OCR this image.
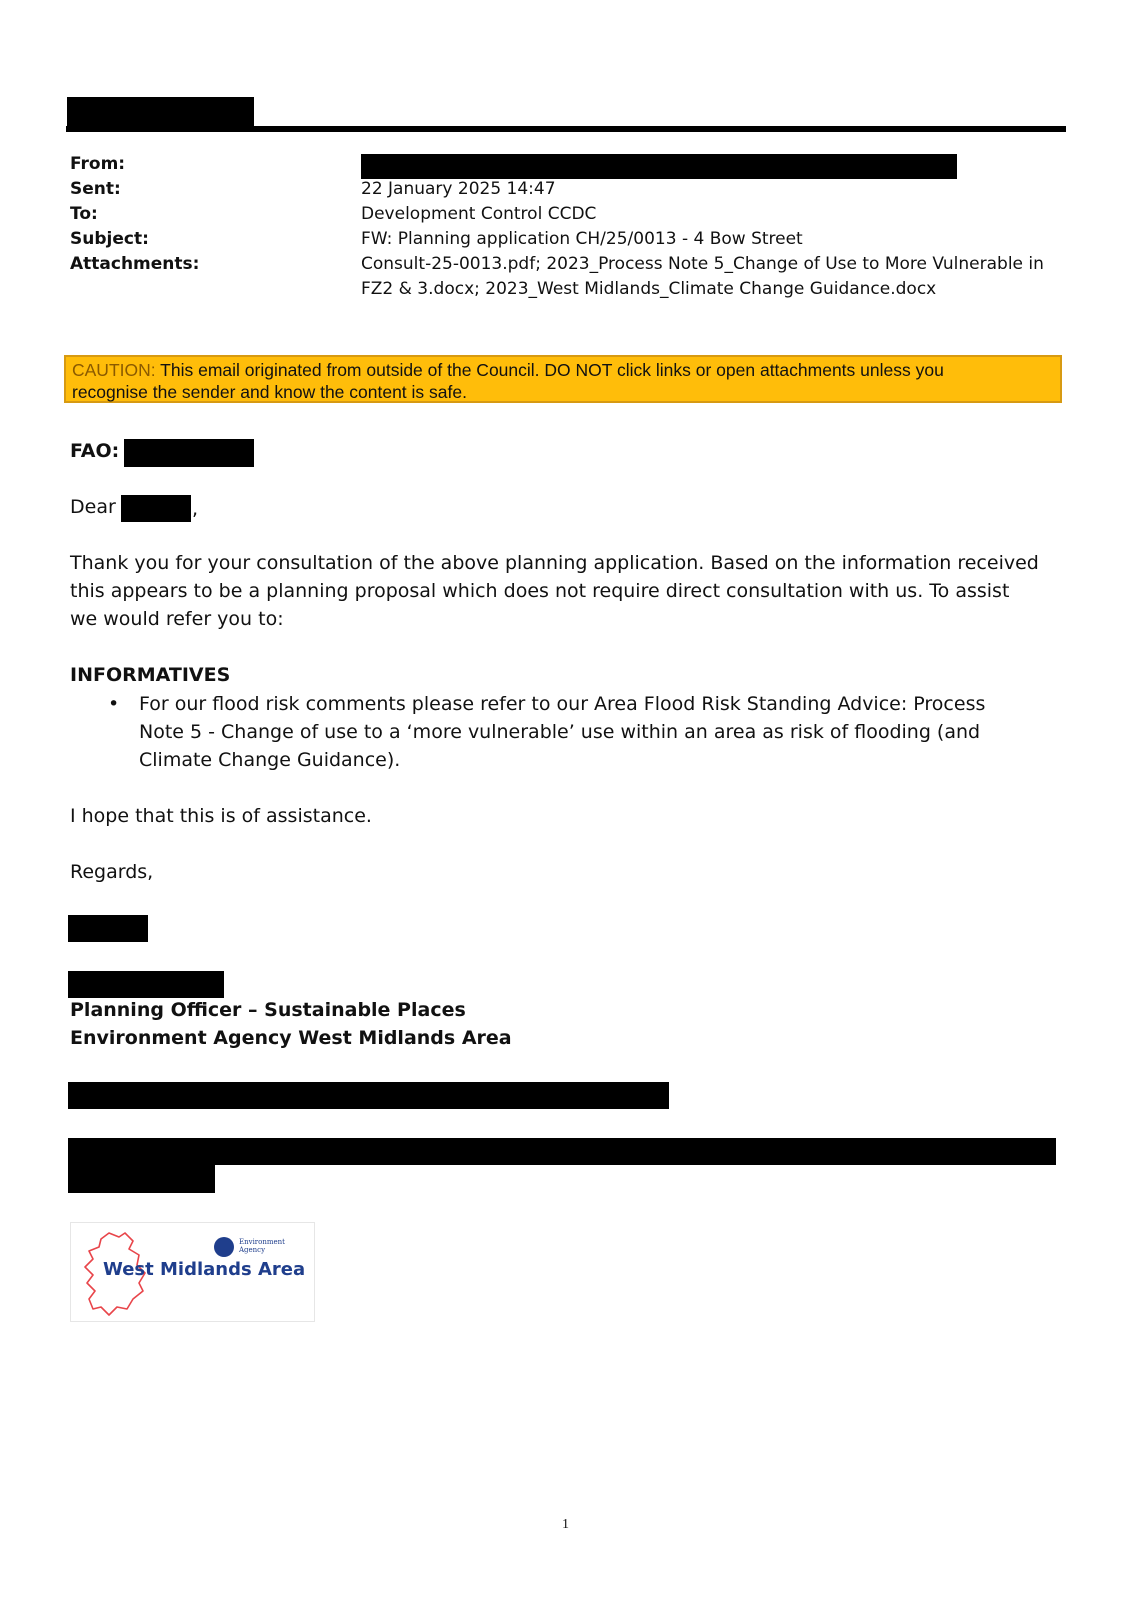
From:
Sent:	22 January 2025 14:47
To:	Development Control CCDC
Subject:	FW: Planning application CH/25/0013 - 4 Bow Street
Attachments:	Consult-25-0013.pdf; 2023_Process Note 5_Change of Use to More Vulnerable in
FZ2 & 3.docx; 2023_West Midlands_Climate Change Guidance.docx
CAUTION: This email originated from outside of the Council. DO NOT click links or open attachments unless you
recognise the sender and know the content is safe.
FAO:
Dear	,
Thank you for your consultation of the above planning application. Based on the information received
this appears to be a planning proposal which does not require direct consultation with us. To assist
we would refer you to:
INFORMATIVES
• For our flood risk comments please refer to our Area Flood Risk Standing Advice: Process
Note 5 - Change of use to a ‘more vulnerable’ use within an area as risk of flooding (and
Climate Change Guidance).
I hope that this is of assistance.
Regards,
Planning Officer – Sustainable Places
Environment Agency West Midlands Area
Environment
Agency
West Midlands Area
1
